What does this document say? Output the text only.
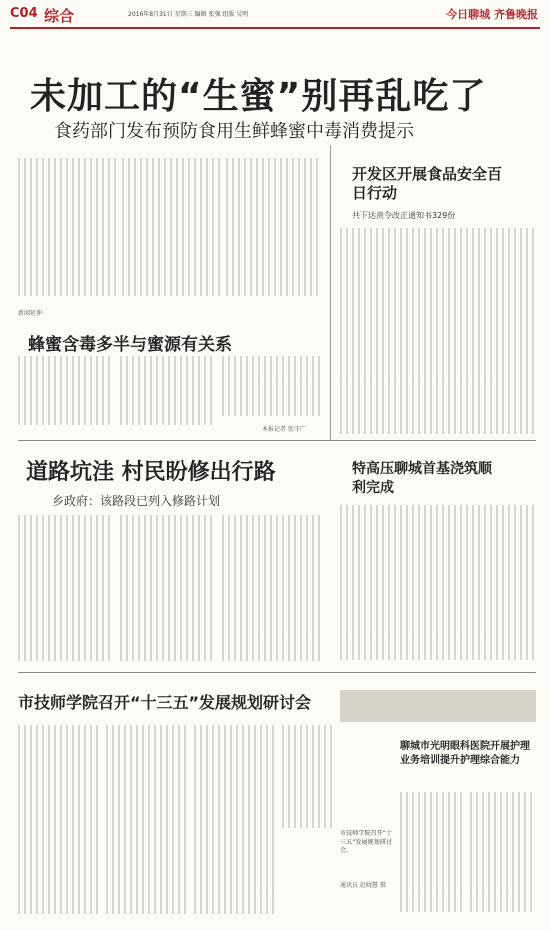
C04 综合	2016年8月31日 星期三 编辑 张强 组版 吴明	今日聊城 齐鲁晚报
未加工的“生蜜”别再乱吃了
食药部门发布预防食用生鲜蜂蜜中毒消费提示
新闻延伸
蜂蜜含毒多半与蜜源有关系
本报记者 张守广
开发区开展食品安全百日行动
共下达责令改正通知书329份
道路坑洼 村民盼修出行路
乡政府：该路段已列入修路计划
特高压聊城首基浇筑顺利完成
市技师学院召开“十三五”发展规划研讨会
市技师学院召开“十三五”发展规划研讨会。
通讯员 赵晓慧 摄
聊城市光明眼科医院开展护理业务培训提升护理综合能力
